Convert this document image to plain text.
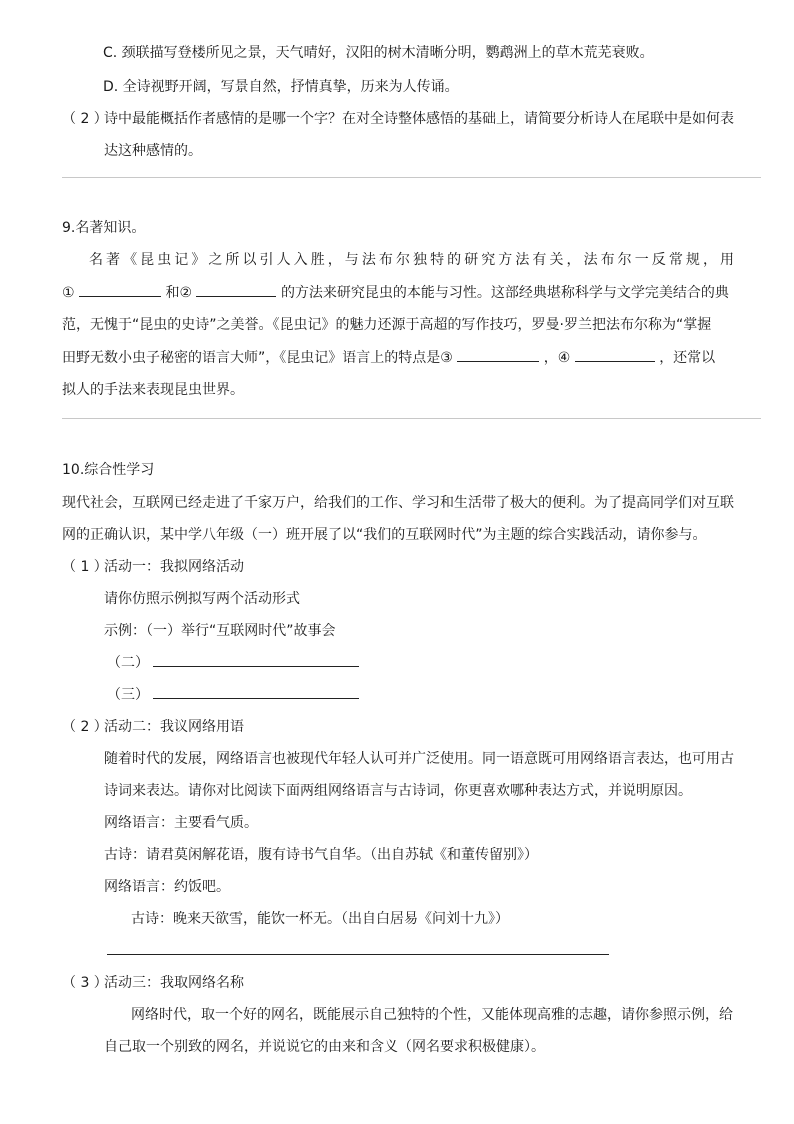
C. 颈联描写登楼所见之景，天气晴好，汉阳的树木清晰分明，鹦鹉洲上的草木荒芜衰败。
D. 全诗视野开阔，写景自然，抒情真挚，历来为人传诵。
（ 2 ）
诗中最能概括作者感情的是哪一个字？在对全诗整体感悟的基础上，请简要分析诗人在尾联中是如何表
达这种感情的。
9.名著知识。
名著《昆虫记》之所以引人入胜，与法布尔独特的研究方法有关，法布尔一反常规，用
①	和②	的方法来研究昆虫的本能与习性。这部经典堪称科学与文学完美结合的典
范，无愧于“昆虫的史诗”之美誉。《昆虫记》的魅力还源于高超的写作技巧，罗曼·罗兰把法布尔称为“掌握
田野无数小虫子秘密的语言大师”，《昆虫记》语言上的特点是③	，④	，还常以
拟人的手法来表现昆虫世界。
10.综合性学习
现代社会，互联网已经走进了千家万户，给我们的工作、学习和生活带了极大的便利。为了提高同学们对互联
网的正确认识，某中学八年级（一）班开展了以“我们的互联网时代”为主题的综合实践活动，请你参与。
（ 1 ）
活动一：我拟网络活动
请你仿照示例拟写两个活动形式
示例：（一）举行“互联网时代”故事会
（二）
（三）
（ 2 ）
活动二：我议网络用语
随着时代的发展，网络语言也被现代年轻人认可并广泛使用。同一语意既可用网络语言表达，也可用古
诗词来表达。请你对比阅读下面两组网络语言与古诗词，你更喜欢哪种表达方式，并说明原因。
网络语言：主要看气质。
古诗：请君莫闲解花语，腹有诗书气自华。（出自苏轼《和董传留别》）
网络语言：约饭吧。
古诗：晚来天欲雪，能饮一杯无。（出自白居易《问刘十九》）
（ 3 ）
活动三：我取网络名称
网络时代，取一个好的网名，既能展示自己独特的个性，又能体现高雅的志趣，请你参照示例，给
自己取一个别致的网名，并说说它的由来和含义（网名要求积极健康）。
